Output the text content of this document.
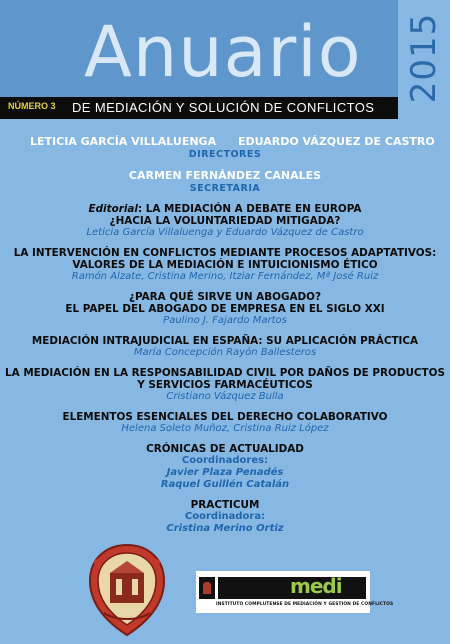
Anuario 2015
NÚMERO 3 DE MEDIACIÓN Y SOLUCIÓN DE CONFLICTOS
LETICIA GARCÍA VILLALUENGA EDUARDO VÁZQUEZ DE CASTRO
DIRECTORES
CARMEN FERNÁNDEZ CANALES
SECRETARIA
Editorial: LA MEDIACIÓN A DEBATE EN EUROPA
¿HACIA LA VOLUNTARIEDAD MITIGADA?
Leticia García Villaluenga y Eduardo Vázquez de Castro
LA INTERVENCIÓN EN CONFLICTOS MEDIANTE PROCESOS ADAPTATIVOS:
VALORES DE LA MEDIACIÓN E INTUICIONISMO ÉTICO
Ramón Alzate, Cristina Merino, Itziar Fernández, Mª José Ruiz
¿PARA QUÉ SIRVE UN ABOGADO?
EL PAPEL DEL ABOGADO DE EMPRESA EN EL SIGLO XXI
Paulino J. Fajardo Martos
MEDIACIÓN INTRAJUDICIAL EN ESPAÑA: SU APLICACIÓN PRÁCTICA
María Concepción Rayón Ballesteros
LA MEDIACIÓN EN LA RESPONSABILIDAD CIVIL POR DAÑOS DE PRODUCTOS
Y SERVICIOS FARMACÉUTICOS
Cristiano Vázquez Bulla
ELEMENTOS ESENCIALES DEL DERECHO COLABORATIVO
Helena Soleto Muñoz, Cristina Ruiz López
CRÓNICAS DE ACTUALIDAD
Coordinadores:
Javier Plaza Penadés
Raquel Guillén Catalán
PRACTICUM
Coordinadora:
Cristina Merino Ortiz
medi
INSTITUTO COMPLUTENSE DE MEDIACIÓN Y GESTIÓN DE CONFLICTOS
